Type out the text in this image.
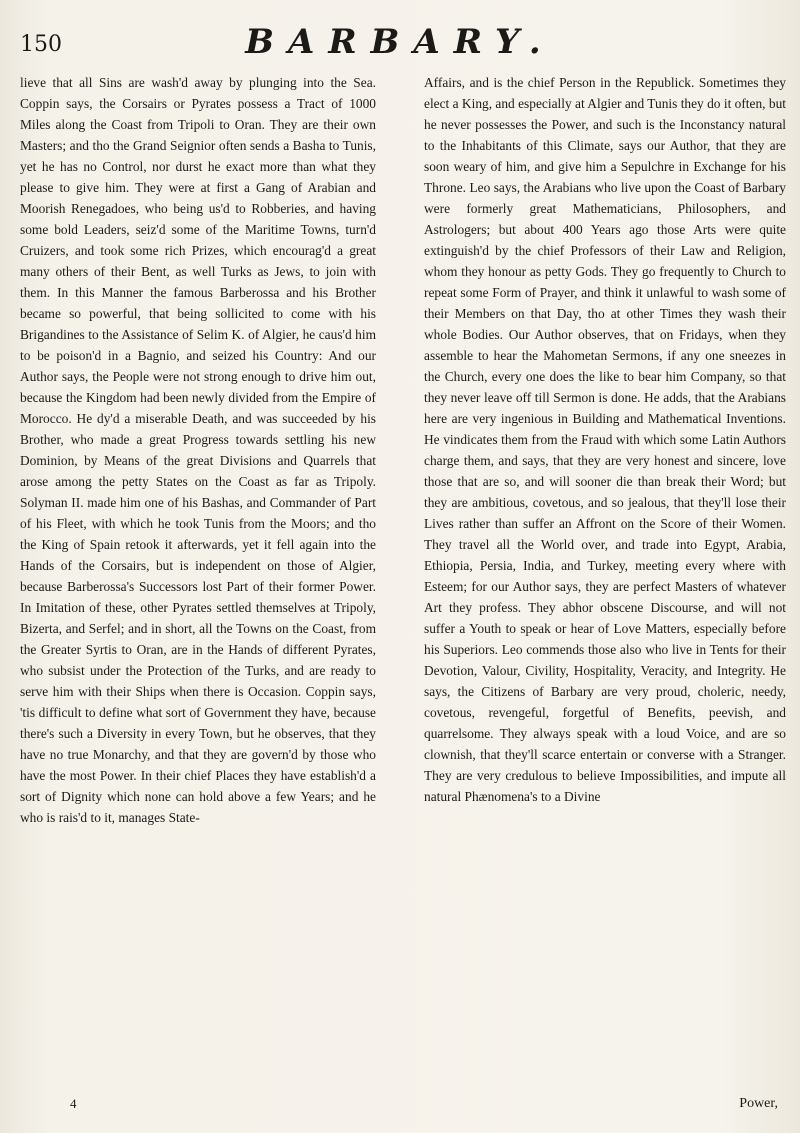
150	BARBARY.

lieve that all Sins are wash'd away by plunging into the Sea. Coppin says, the Corsairs or Pyrates possess a Tract of 1000 Miles along the Coast from Tripoli to Oran. They are their own Masters; and tho the Grand Seignior often sends a Basha to Tunis, yet he has no Control, nor durst he exact more than what they please to give him. They were at first a Gang of Arabian and Moorish Renegadoes, who being us'd to Robberies, and having some bold Leaders, seiz'd some of the Maritime Towns, turn'd Cruizers, and took some rich Prizes, which encourag'd a great many others of their Bent, as well Turks as Jews, to join with them. In this Manner the famous Barberossa and his Brother became so powerful, that being sollicited to come with his Brigandines to the Assistance of Selim K. of Algier, he caus'd him to be poison'd in a Bagnio, and seized his Country: And our Author says, the People were not strong enough to drive him out, because the Kingdom had been newly divided from the Empire of Morocco. He dy'd a miserable Death, and was succeeded by his Brother, who made a great Progress towards settling his new Dominion, by Means of the great Divisions and Quarrels that arose among the petty States on the Coast as far as Tripoly. Solyman II. made him one of his Bashas, and Commander of Part of his Fleet, with which he took Tunis from the Moors; and tho the King of Spain retook it afterwards, yet it fell again into the Hands of the Corsairs, but is independent on those of Algier, because Barberossa's Successors lost Part of their former Power. In Imitation of these, other Pyrates settled themselves at Tripoly, Bizerta, and Serfel; and in short, all the Towns on the Coast, from the Greater Syrtis to Oran, are in the Hands of different Pyrates, who subsist under the Protection of the Turks, and are ready to serve him with their Ships when there is Occasion. Coppin says, 'tis difficult to define what sort of Government they have, because there's such a Diversity in every Town, but he observes, that they have no true Monarchy, and that they are govern'd by those who have the most Power. In their chief Places they have establish'd a sort of Dignity which none can hold above a few Years; and he who is rais'd to it, manages State-

Affairs, and is the chief Person in the Republick. Sometimes they elect a King, and especially at Algier and Tunis they do it often, but he never possesses the Power, and such is the Inconstancy natural to the Inhabitants of this Climate, says our Author, that they are soon weary of him, and give him a Sepulchre in Exchange for his Throne. Leo says, the Arabians who live upon the Coast of Barbary were formerly great Mathematicians, Philosophers, and Astrologers; but about 400 Years ago those Arts were quite extinguish'd by the chief Professors of their Law and Religion, whom they honour as petty Gods. They go frequently to Church to repeat some Form of Prayer, and think it unlawful to wash some of their Members on that Day, tho at other Times they wash their whole Bodies. Our Author observes, that on Fridays, when they assemble to hear the Mahometan Sermons, if any one sneezes in the Church, every one does the like to bear him Company, so that they never leave off till Sermon is done. He adds, that the Arabians here are very ingenious in Building and Mathematical Inventions. He vindicates them from the Fraud with which some Latin Authors charge them, and says, that they are very honest and sincere, love those that are so, and will sooner die than break their Word; but they are ambitious, covetous, and so jealous, that they'll lose their Lives rather than suffer an Affront on the Score of their Women. They travel all the World over, and trade into Egypt, Arabia, Ethiopia, Persia, India, and Turkey, meeting every where with Esteem; for our Author says, they are perfect Masters of whatever Art they profess. They abhor obscene Discourse, and will not suffer a Youth to speak or hear of Love Matters, especially before his Superiors. Leo commends those also who live in Tents for their Devotion, Valour, Civility, Hospitality, Veracity, and Integrity. He says, the Citizens of Barbary are very proud, choleric, needy, covetous, revengeful, forgetful of Benefits, peevish, and quarrelsome. They always speak with a loud Voice, and are so clownish, that they'll scarce entertain or converse with a Stranger. They are very credulous to believe Impossibilities, and impute all natural Phænomena's to a Divine

4	Power,
